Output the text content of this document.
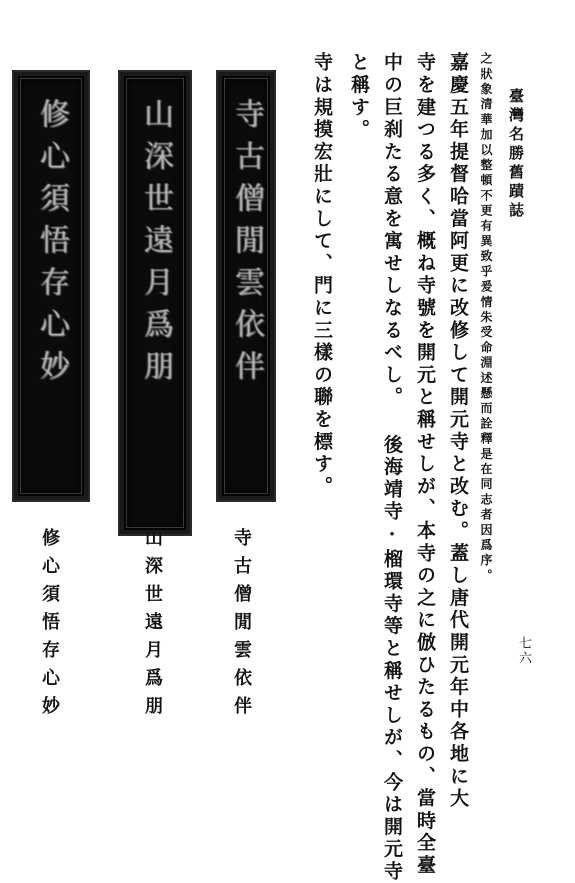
臺灣名勝舊蹟誌
七六
之狀象清華加以整頓不更有異致乎爰情朱受命淵述懸而詮釋是在同志者因爲序。
嘉慶五年提督哈當阿更に改修して開元寺と改む。蓋し唐代開元年中各地に大
寺を建つる多く、概ね寺號を開元と稱せしが、本寺の之に倣ひたるもの、當時全臺
中の巨刹たる意を寓せしなるべし。 後海靖寺·榴環寺等と稱せしが、今は開元寺
と稱す。
寺は規摸宏壯にして、門に三樣の聯を標す。
寺古僧閒雲依伴
山深世遠月爲朋
修心須悟存心妙
寺古僧閒雲依伴
山深世遠月爲朋
修心須悟存心妙
